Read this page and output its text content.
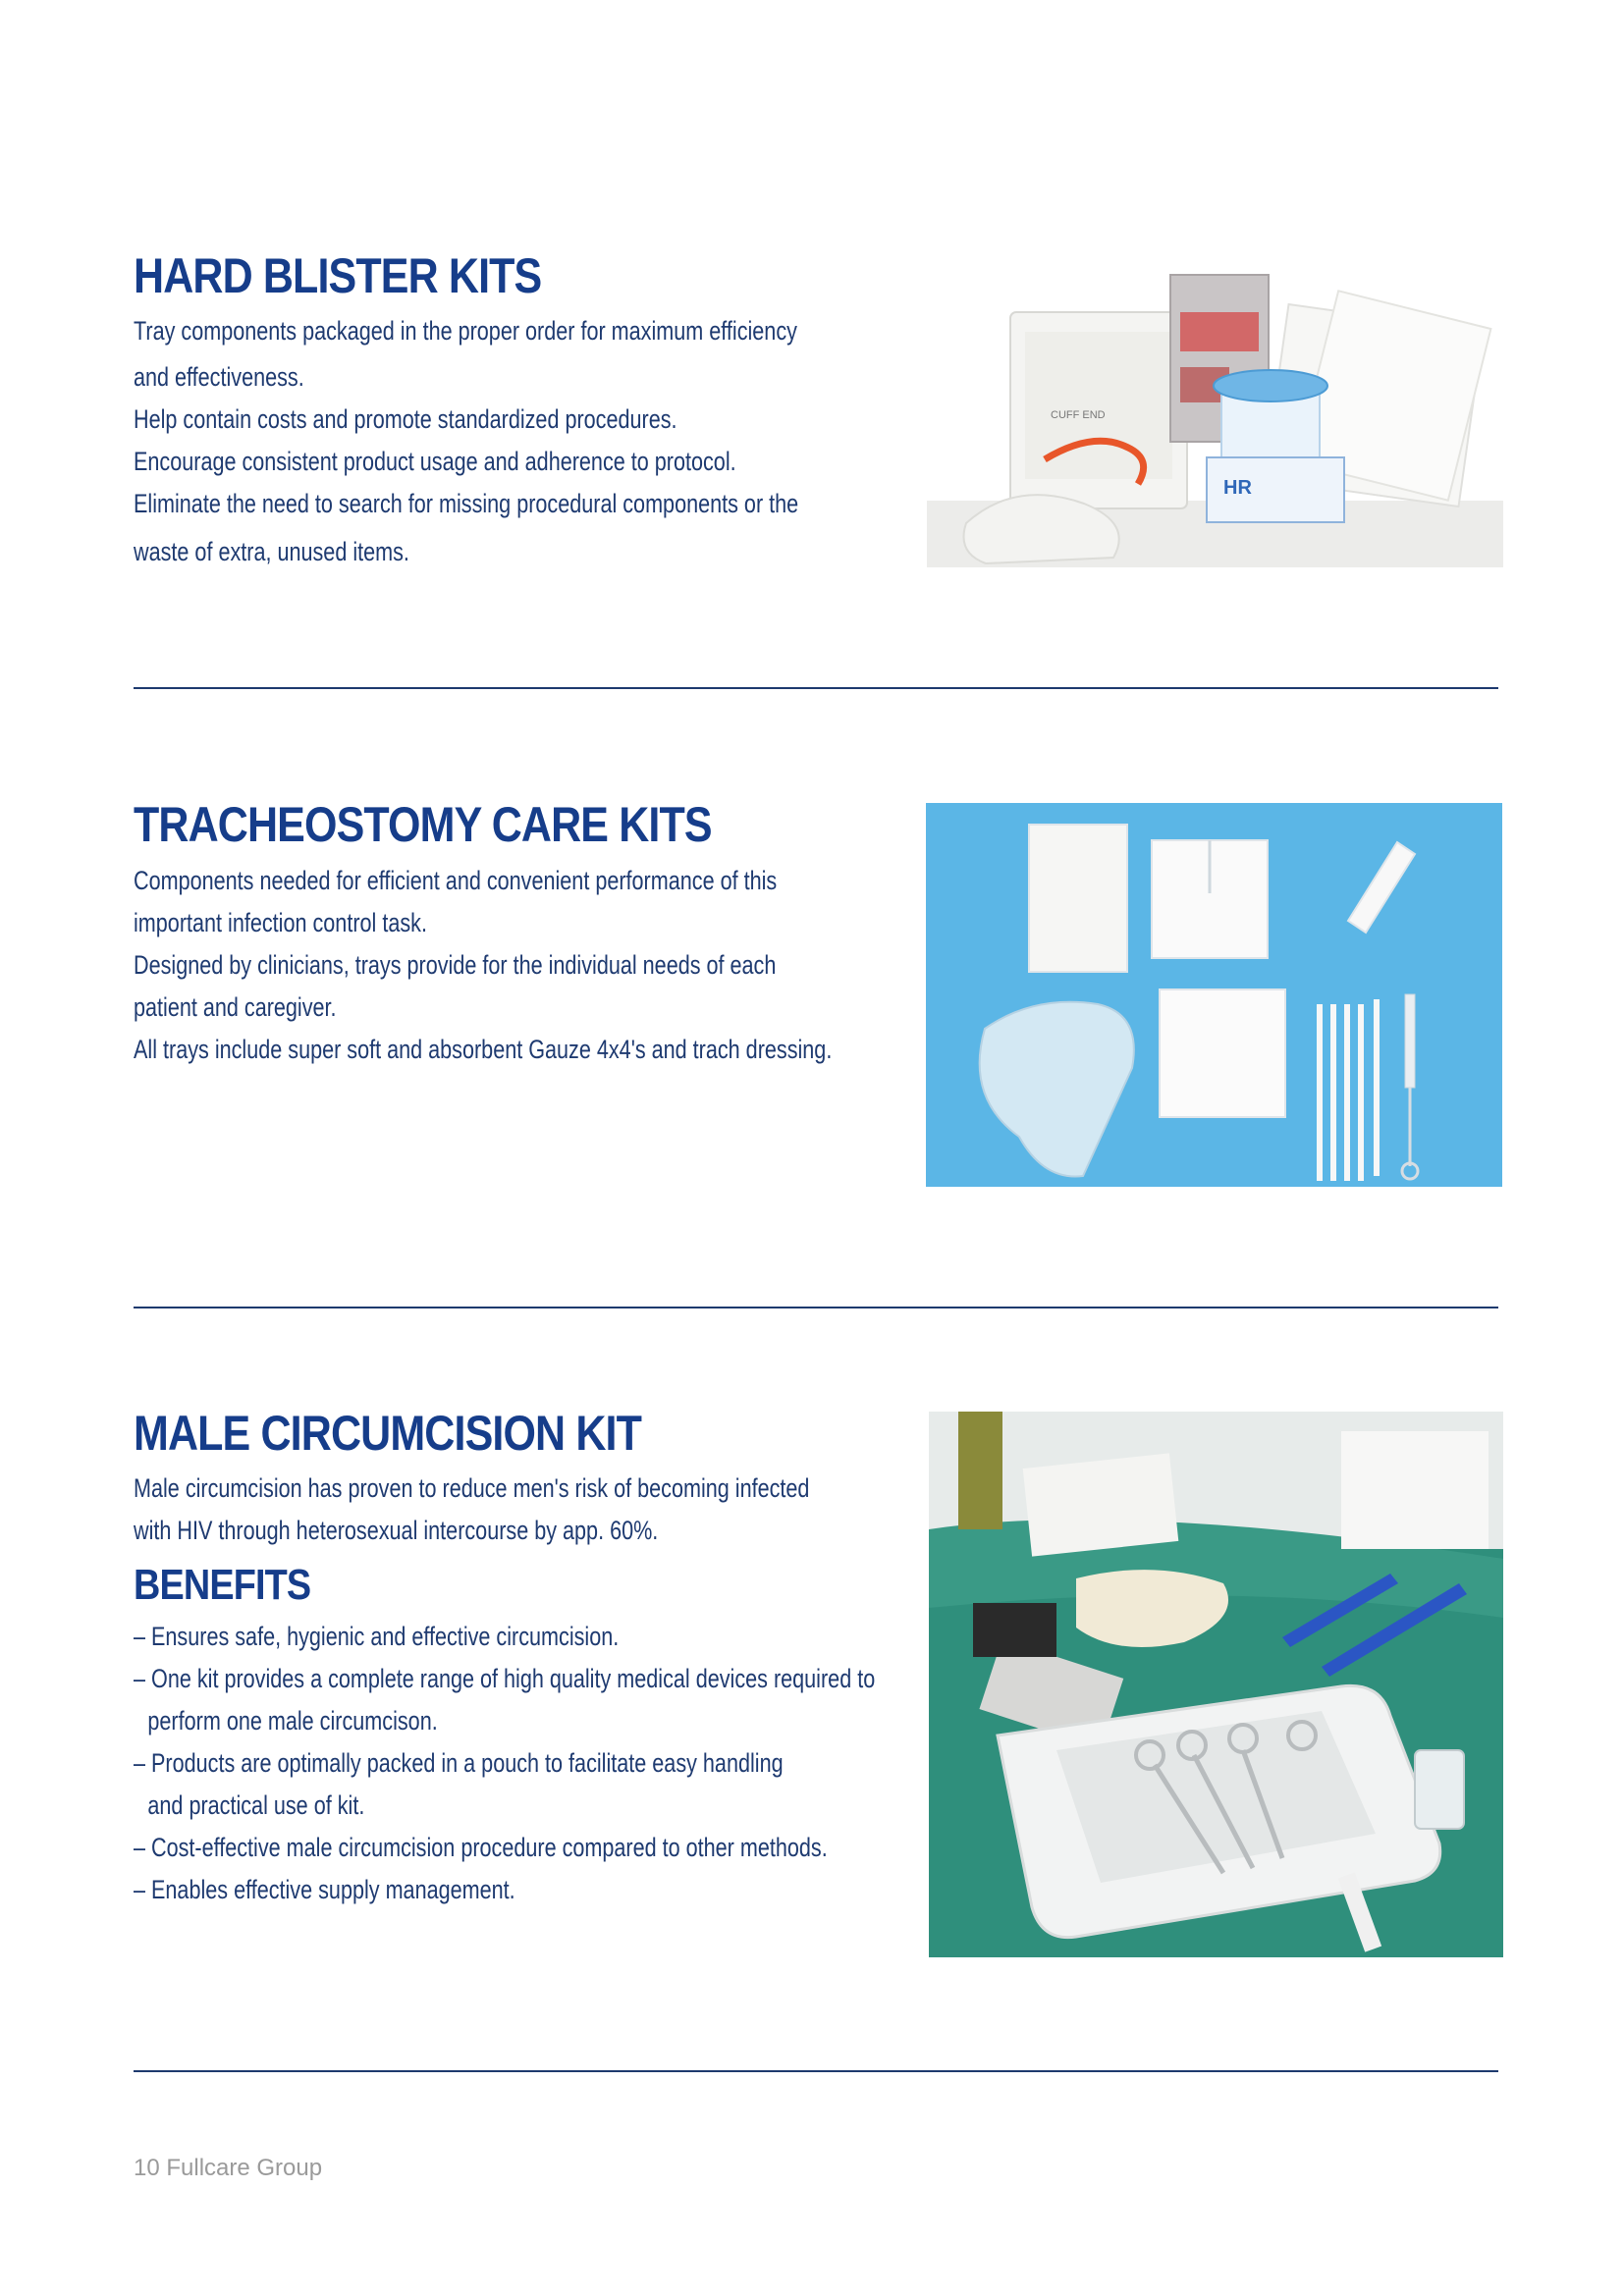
HARD BLISTER KITS

Tray components packaged in the proper order for maximum efficiency
and effectiveness.
Help contain costs and promote standardized procedures.
Encourage consistent product usage and adherence to protocol.
Eliminate the need to search for missing procedural components or the
waste of extra, unused items.

CUFF END
HR
TRACHEOSTOMY CARE KITS

Components needed for efficient and convenient performance of this
important infection control task.
Designed by clinicians, trays provide for the individual needs of each
patient and caregiver.
All trays include super soft and absorbent Gauze 4x4's and trach dressing.

MALE CIRCUMCISION KIT

Male circumcision has proven to reduce men's risk of becoming infected
with HIV through heterosexual intercourse by app. 60%.

BENEFITS

– Ensures safe, hygienic and effective circumcision.
– One kit provides a complete range of high quality medical devices required to
perform one male circumcison.
– Products are optimally packed in a pouch to facilitate easy handling
and practical use of kit.
– Cost-effective male circumcision procedure compared to other methods.
– Enables effective supply management.

10 Fullcare Group
